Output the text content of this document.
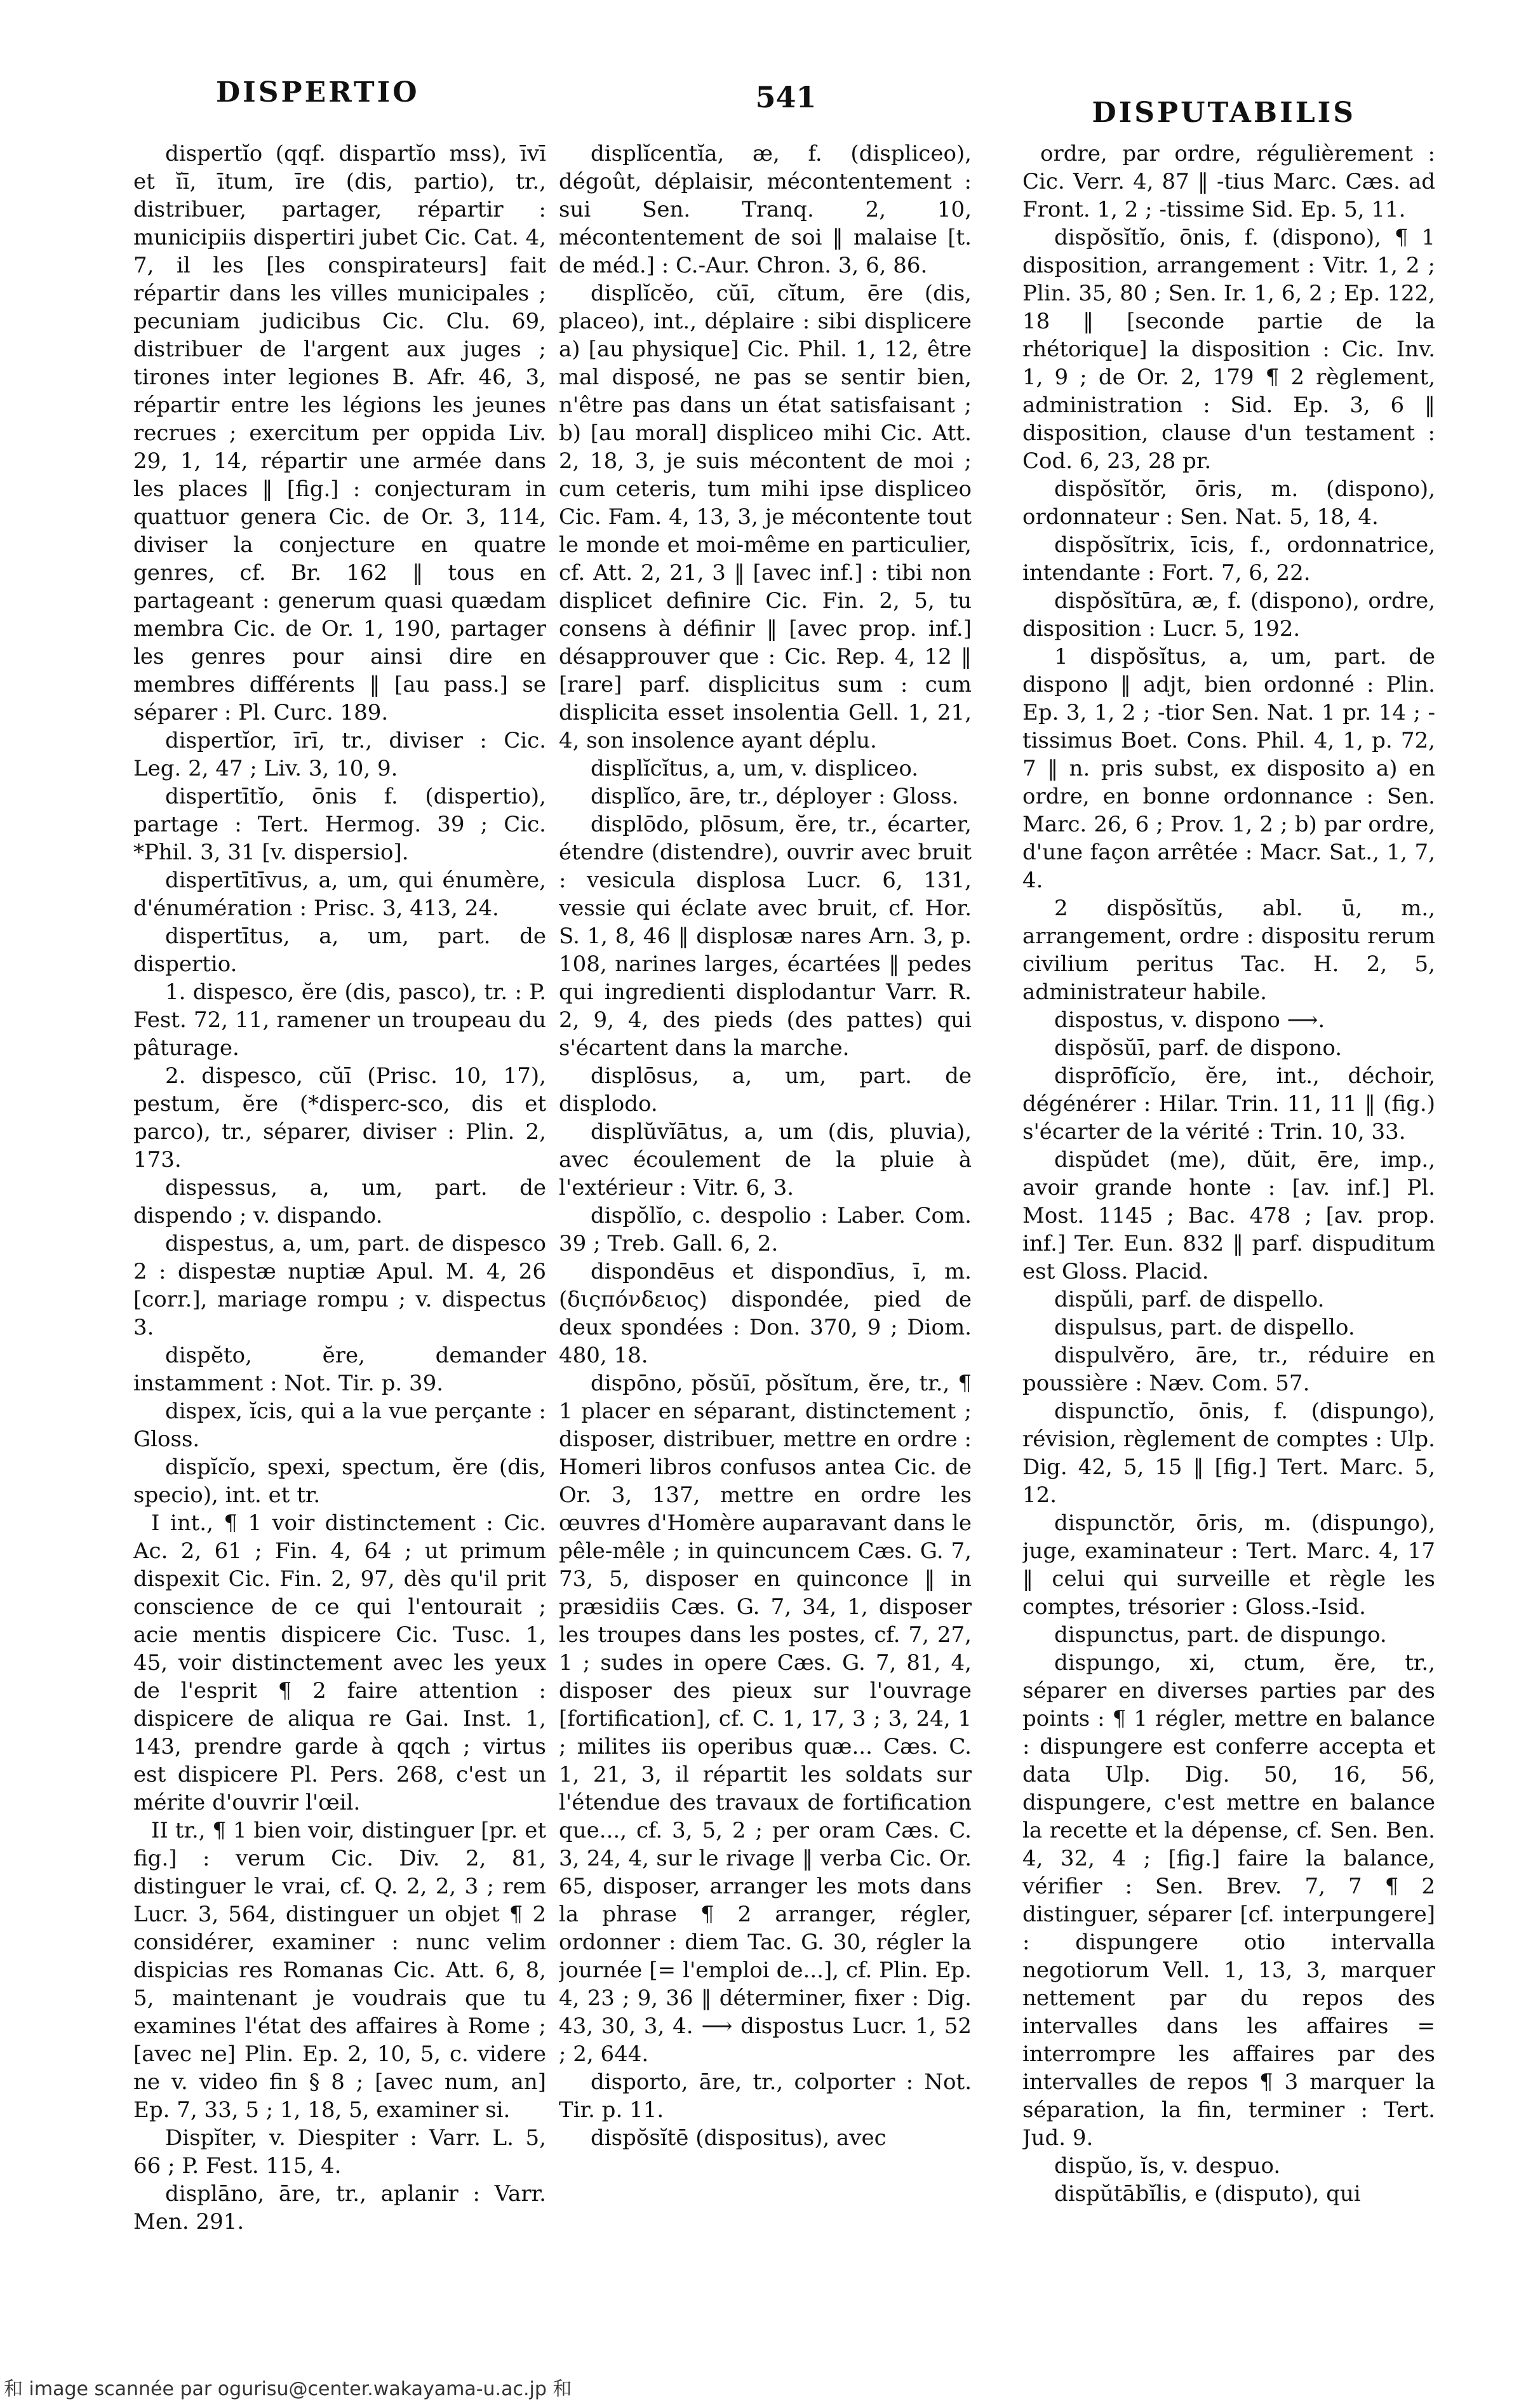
DISPERTIO	541	DISPUTABILIS

dispertĭo (qqf. dispartĭo mss), īvī et ĭī, ītum, īre (dis, partio), tr., distribuer, partager, répartir : municipiis dispertiri jubet Cic. Cat. 4, 7, il les [les conspirateurs] fait répartir dans les villes municipales ; pecuniam judicibus Cic. Clu. 69, distribuer de l'argent aux juges ; tirones inter legiones B. Afr. 46, 3, répartir entre les légions les jeunes recrues ; exercitum per oppida Liv. 29, 1, 14, répartir une armée dans les places ‖ [fig.] : conjecturam in quattuor genera Cic. de Or. 3, 114, diviser la conjecture en quatre genres, cf. Br. 162 ‖ tous en partageant : generum quasi quædam membra Cic. de Or. 1, 190, partager les genres pour ainsi dire en membres différents ‖ [au pass.] se séparer : Pl. Curc. 189.

dispertĭor, īrī, tr., diviser : Cic. Leg. 2, 47 ; Liv. 3, 10, 9.

dispertītĭo, ōnis f. (dispertio), partage : Tert. Hermog. 39 ; Cic. *Phil. 3, 31 [v. dispersio].

dispertītīvus, a, um, qui énumère, d'énumération : Prisc. 3, 413, 24.

dispertītus, a, um, part. de dispertio.

1. dispesco, ĕre (dis, pasco), tr. : P. Fest. 72, 11, ramener un troupeau du pâturage.

2. dispesco, cŭī (Prisc. 10, 17), pestum, ĕre (*disperc-sco, dis et parco), tr., séparer, diviser : Plin. 2, 173.

dispessus, a, um, part. de dispendo ; v. dispando.

dispestus, a, um, part. de dispesco 2 : dispestæ nuptiæ Apul. M. 4, 26 [corr.], mariage rompu ; v. dispectus 3.

dispĕto, ĕre, demander instamment : Not. Tir. p. 39.

dispex, ĭcis, qui a la vue perçante : Gloss.

dispĭcĭo, spexi, spectum, ĕre (dis, specio), int. et tr.

I int., ¶ 1 voir distinctement : Cic. Ac. 2, 61 ; Fin. 4, 64 ; ut primum dispexit Cic. Fin. 2, 97, dès qu'il prit conscience de ce qui l'entourait ; acie mentis dispicere Cic. Tusc. 1, 45, voir distinctement avec les yeux de l'esprit ¶ 2 faire attention : dispicere de aliqua re Gai. Inst. 1, 143, prendre garde à qqch ; virtus est dispicere Pl. Pers. 268, c'est un mérite d'ouvrir l'œil.

II tr., ¶ 1 bien voir, distinguer [pr. et fig.] : verum Cic. Div. 2, 81, distinguer le vrai, cf. Q. 2, 2, 3 ; rem Lucr. 3, 564, distinguer un objet ¶ 2 considérer, examiner : nunc velim dispicias res Romanas Cic. Att. 6, 8, 5, maintenant je voudrais que tu examines l'état des affaires à Rome ; [avec ne] Plin. Ep. 2, 10, 5, c. videre ne v. video fin § 8 ; [avec num, an] Ep. 7, 33, 5 ; 1, 18, 5, examiner si.

Dispĭter, v. Diespiter : Varr. L. 5, 66 ; P. Fest. 115, 4.

displāno, āre, tr., aplanir : Varr. Men. 291.

displĭcentĭa, æ, f. (displiceo), dégoût, déplaisir, mécontentement : sui Sen. Tranq. 2, 10, mécontentement de soi ‖ malaise [t. de méd.] : C.-Aur. Chron. 3, 6, 86.

displĭcĕo, cŭī, cĭtum, ēre (dis, placeo), int., déplaire : sibi displicere a) [au physique] Cic. Phil. 1, 12, être mal disposé, ne pas se sentir bien, n'être pas dans un état satisfaisant ; b) [au moral] displiceo mihi Cic. Att. 2, 18, 3, je suis mécontent de moi ; cum ceteris, tum mihi ipse displiceo Cic. Fam. 4, 13, 3, je mécontente tout le monde et moi-même en particulier, cf. Att. 2, 21, 3 ‖ [avec inf.] : tibi non displicet definire Cic. Fin. 2, 5, tu consens à définir ‖ [avec prop. inf.] désapprouver que : Cic. Rep. 4, 12 ‖ [rare] parf. displicitus sum : cum displicita esset insolentia Gell. 1, 21, 4, son insolence ayant déplu.

displĭcĭtus, a, um, v. displiceo.

displĭco, āre, tr., déployer : Gloss.

displōdo, plōsum, ĕre, tr., écarter, étendre (distendre), ouvrir avec bruit : vesicula displosa Lucr. 6, 131, vessie qui éclate avec bruit, cf. Hor. S. 1, 8, 46 ‖ displosæ nares Arn. 3, p. 108, narines larges, écartées ‖ pedes qui ingredienti displodantur Varr. R. 2, 9, 4, des pieds (des pattes) qui s'écartent dans la marche.

displōsus, a, um, part. de displodo.

displŭvĭātus, a, um (dis, pluvia), avec écoulement de la pluie à l'extérieur : Vitr. 6, 3.

dispŏlĭo, c. despolio : Laber. Com. 39 ; Treb. Gall. 6, 2.

dispondēus et dispondīus, ī, m. (διςπόνδειος) dispondée, pied de deux spondées : Don. 370, 9 ; Diom. 480, 18.

dispōno, pŏsŭī, pŏsĭtum, ĕre, tr., ¶ 1 placer en séparant, distinctement ; disposer, distribuer, mettre en ordre : Homeri libros confusos antea Cic. de Or. 3, 137, mettre en ordre les œuvres d'Homère auparavant dans le pêle-mêle ; in quincuncem Cæs. G. 7, 73, 5, disposer en quinconce ‖ in præsidiis Cæs. G. 7, 34, 1, disposer les troupes dans les postes, cf. 7, 27, 1 ; sudes in opere Cæs. G. 7, 81, 4, disposer des pieux sur l'ouvrage [fortification], cf. C. 1, 17, 3 ; 3, 24, 1 ; milites iis operibus quæ... Cæs. C. 1, 21, 3, il répartit les soldats sur l'étendue des travaux de fortification que..., cf. 3, 5, 2 ; per oram Cæs. C. 3, 24, 4, sur le rivage ‖ verba Cic. Or. 65, disposer, arranger les mots dans la phrase ¶ 2 arranger, régler, ordonner : diem Tac. G. 30, régler la journée [= l'emploi de...], cf. Plin. Ep. 4, 23 ; 9, 36 ‖ déterminer, fixer : Dig. 43, 30, 3, 4. ⟶ dispostus Lucr. 1, 52 ; 2, 644.

disporto, āre, tr., colporter : Not. Tir. p. 11.

dispŏsĭtē (dispositus), avec

ordre, par ordre, régulièrement : Cic. Verr. 4, 87 ‖ -tius Marc. Cæs. ad Front. 1, 2 ; -tissime Sid. Ep. 5, 11.

dispŏsĭtĭo, ōnis, f. (dispono), ¶ 1 disposition, arrangement : Vitr. 1, 2 ; Plin. 35, 80 ; Sen. Ir. 1, 6, 2 ; Ep. 122, 18 ‖ [seconde partie de la rhétorique] la disposition : Cic. Inv. 1, 9 ; de Or. 2, 179 ¶ 2 règlement, administration : Sid. Ep. 3, 6 ‖ disposition, clause d'un testament : Cod. 6, 23, 28 pr.

dispŏsĭtŏr, ōris, m. (dispono), ordonnateur : Sen. Nat. 5, 18, 4.

dispŏsĭtrix, īcis, f., ordonnatrice, intendante : Fort. 7, 6, 22.

dispŏsĭtūra, æ, f. (dispono), ordre, disposition : Lucr. 5, 192.

1 dispŏsĭtus, a, um, part. de dispono ‖ adjt, bien ordonné : Plin. Ep. 3, 1, 2 ; -tior Sen. Nat. 1 pr. 14 ; -tissimus Boet. Cons. Phil. 4, 1, p. 72, 7 ‖ n. pris subst, ex disposito a) en ordre, en bonne ordonnance : Sen. Marc. 26, 6 ; Prov. 1, 2 ; b) par ordre, d'une façon arrêtée : Macr. Sat., 1, 7, 4.

2 dispŏsĭtŭs, abl. ū, m., arrangement, ordre : dispositu rerum civilium peritus Tac. H. 2, 5, administrateur habile.

dispostus, v. dispono ⟶.

dispŏsŭī, parf. de dispono.

disprōfĭcĭo, ĕre, int., déchoir, dégénérer : Hilar. Trin. 11, 11 ‖ (fig.) s'écarter de la vérité : Trin. 10, 33.

dispŭdet (me), dŭit, ēre, imp., avoir grande honte : [av. inf.] Pl. Most. 1145 ; Bac. 478 ; [av. prop. inf.] Ter. Eun. 832 ‖ parf. dispuditum est Gloss. Placid.

dispŭli, parf. de dispello.

dispulsus, part. de dispello.

dispulvĕro, āre, tr., réduire en poussière : Næv. Com. 57.

dispunctĭo, ōnis, f. (dispungo), révision, règlement de comptes : Ulp. Dig. 42, 5, 15 ‖ [fig.] Tert. Marc. 5, 12.

dispunctŏr, ōris, m. (dispungo), juge, examinateur : Tert. Marc. 4, 17 ‖ celui qui surveille et règle les comptes, trésorier : Gloss.-Isid.

dispunctus, part. de dispungo.

dispungo, xi, ctum, ĕre, tr., séparer en diverses parties par des points : ¶ 1 régler, mettre en balance : dispungere est conferre accepta et data Ulp. Dig. 50, 16, 56, dispungere, c'est mettre en balance la recette et la dépense, cf. Sen. Ben. 4, 32, 4 ; [fig.] faire la balance, vérifier : Sen. Brev. 7, 7 ¶ 2 distinguer, séparer [cf. interpungere] : dispungere otio intervalla negotiorum Vell. 1, 13, 3, marquer nettement par du repos des intervalles dans les affaires = interrompre les affaires par des intervalles de repos ¶ 3 marquer la séparation, la fin, terminer : Tert. Jud. 9.

dispŭo, ĭs, v. despuo.

dispŭtābĭlis, e (disputo), qui

和 image scannée par ogurisu@center.wakayama-u.ac.jp 和
